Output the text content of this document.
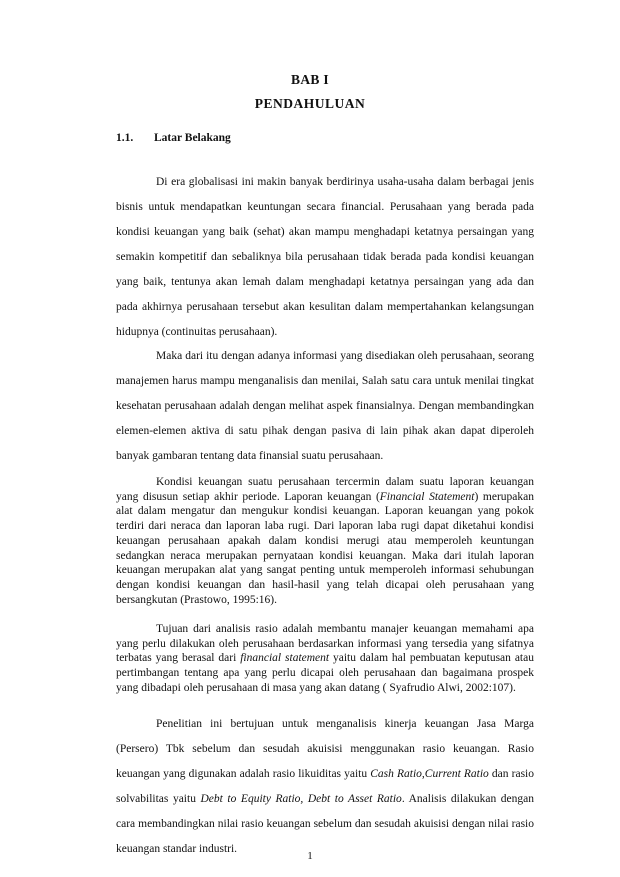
BAB I
PENDAHULUAN
1.1. Latar Belakang

Di era globalisasi ini makin banyak berdirinya usaha-usaha dalam berbagai jenis bisnis untuk mendapatkan keuntungan secara financial. Perusahaan yang berada pada kondisi keuangan yang baik (sehat) akan mampu menghadapi ketatnya persaingan yang semakin kompetitif dan sebaliknya bila perusahaan tidak berada pada kondisi keuangan yang baik, tentunya akan lemah dalam menghadapi ketatnya persaingan yang ada dan pada akhirnya perusahaan tersebut akan kesulitan dalam mempertahankan kelangsungan hidupnya (continuitas perusahaan).

Maka dari itu dengan adanya informasi yang disediakan oleh perusahaan, seorang manajemen harus mampu menganalisis dan menilai, Salah satu cara untuk menilai tingkat kesehatan perusahaan adalah dengan melihat aspek finansialnya. Dengan membandingkan elemen-elemen aktiva di satu pihak dengan pasiva di lain pihak akan dapat diperoleh banyak gambaran tentang data finansial suatu perusahaan.

Kondisi keuangan suatu perusahaan tercermin dalam suatu laporan keuangan yang disusun setiap akhir periode. Laporan keuangan (Financial Statement) merupakan alat dalam mengatur dan mengukur kondisi keuangan. Laporan keuangan yang pokok terdiri dari neraca dan laporan laba rugi. Dari laporan laba rugi dapat diketahui kondisi keuangan perusahaan apakah dalam kondisi merugi atau memperoleh keuntungan sedangkan neraca merupakan pernyataan kondisi keuangan. Maka dari itulah laporan keuangan merupakan alat yang sangat penting untuk memperoleh informasi sehubungan dengan kondisi keuangan dan hasil-hasil yang telah dicapai oleh perusahaan yang bersangkutan (Prastowo, 1995:16).

Tujuan dari analisis rasio adalah membantu manajer keuangan memahami apa yang perlu dilakukan oleh perusahaan berdasarkan informasi yang tersedia yang sifatnya terbatas yang berasal dari financial statement yaitu dalam hal pembuatan keputusan atau pertimbangan tentang apa yang perlu dicapai oleh perusahaan dan bagaimana prospek yang dibadapi oleh perusahaan di masa yang akan datang ( Syafrudio Alwi, 2002:107).

Penelitian ini bertujuan untuk menganalisis kinerja keuangan Jasa Marga (Persero) Tbk sebelum dan sesudah akuisisi menggunakan rasio keuangan. Rasio keuangan yang digunakan adalah rasio likuiditas yaitu Cash Ratio,Current Ratio dan rasio solvabilitas yaitu Debt to Equity Ratio, Debt to Asset Ratio. Analisis dilakukan dengan cara membandingkan nilai rasio keuangan sebelum dan sesudah akuisisi dengan nilai rasio keuangan standar industri.

1
